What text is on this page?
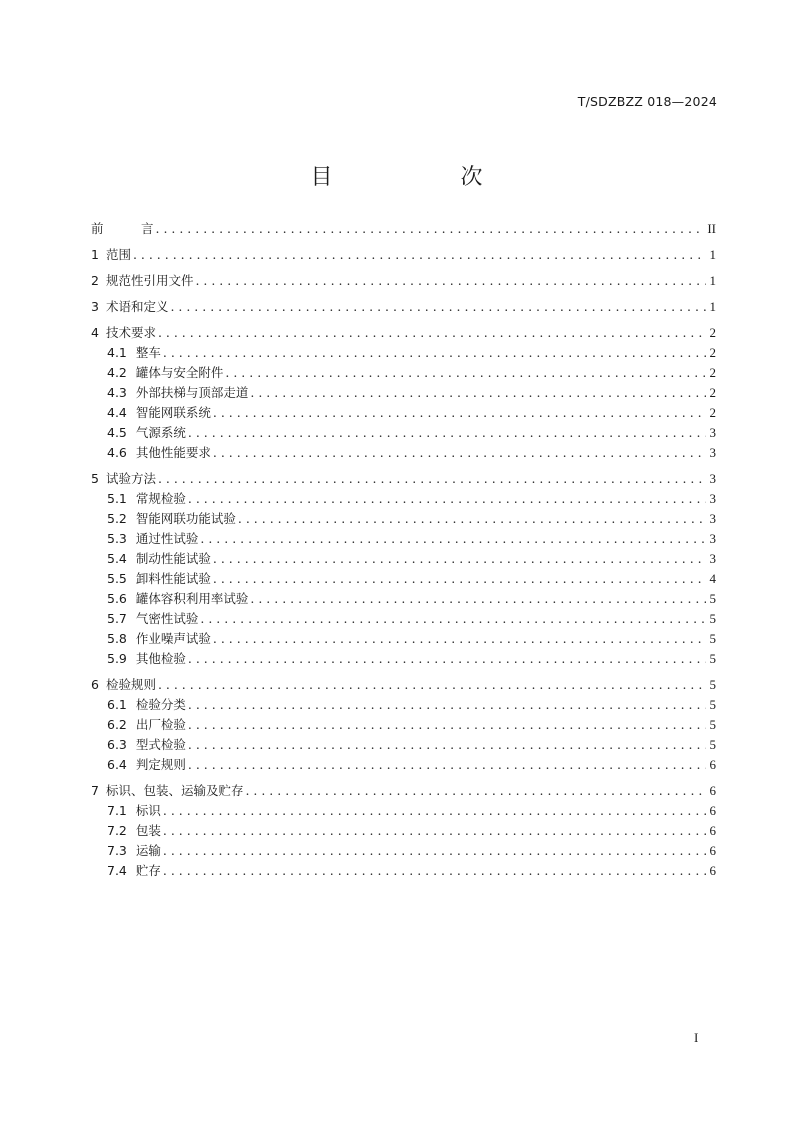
T/SDZBZZ 018—2024
目　　次
前　　　言 . . .	II
1 范围 . . .	1
2 规范性引用文件 . . .	1
3 术语和定义 . . .	1
4 技术要求 . . .	2
4.1 整车 . . .	2
4.2 罐体与安全附件 . . .	2
4.3 外部扶梯与顶部走道 . . .	2
4.4 智能网联系统 . . .	2
4.5 气源系统 . . .	3
4.6 其他性能要求 . . .	3
5 试验方法 . . .	3
5.1 常规检验 . . .	3
5.2 智能网联功能试验 . . .	3
5.3 通过性试验 . . .	3
5.4 制动性能试验 . . .	3
5.5 卸料性能试验 . . .	4
5.6 罐体容积利用率试验 . . .	5
5.7 气密性试验 . . .	5
5.8 作业噪声试验 . . .	5
5.9 其他检验 . . .	5
6 检验规则 . . .	5
6.1 检验分类 . . .	5
6.2 出厂检验 . . .	5
6.3 型式检验 . . .	5
6.4 判定规则 . . .	6
7 标识、包装、运输及贮存 . . .	6
7.1 标识 . . .	6
7.2 包装 . . .	6
7.3 运输 . . .	6
7.4 贮存 . . .	6
I
